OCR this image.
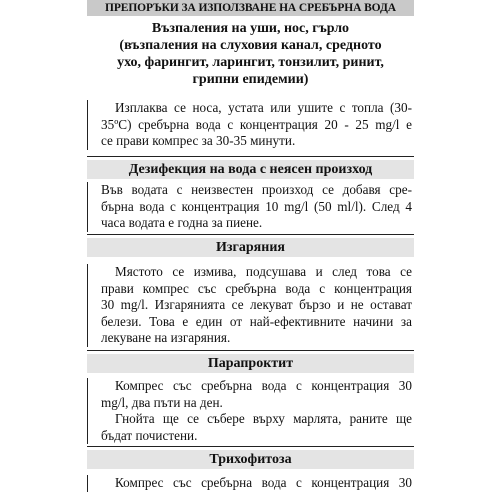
ПРЕПОРЪКИ ЗА ИЗПОЛЗВАНЕ НА СРЕБЪРНА ВОДА
Възпаления на уши, нос, гърло
(възпаления на слуховия канал, средното
ухо, фарингит, ларингит, тонзилит, ринит,
грипни епидемии)
Изплаква се носа, устата или ушите с топла (30-
35ºС) сребърна вода с концентрация 20 - 25 mg/l е
се прави компрес за 30-35 минути.
Дезифекция на вода с неясен произход
Във водата с неизвестен произход се добавя сре-
бърна вода с концентрация 10 mg/l (50 ml/l). След 4
часа водата е годна за пиене.
Изгаряния
Мястото се измива, подсушава и след това се
прави компрес със сребърна вода с концентрация
30 mg/l. Изгарянията се лекуват бързо и не остават
белези. Това е един от най-ефективните начини за
лекуване на изгаряния.
Парапроктит
Компрес със сребърна вода с концентрация 30
mg/l, два пъти на ден.
Гнойта ще се събере върху марлята, раните ще
бъдат почистени.
Трихофитоза
Компрес със сребърна вода с концентрация 30
